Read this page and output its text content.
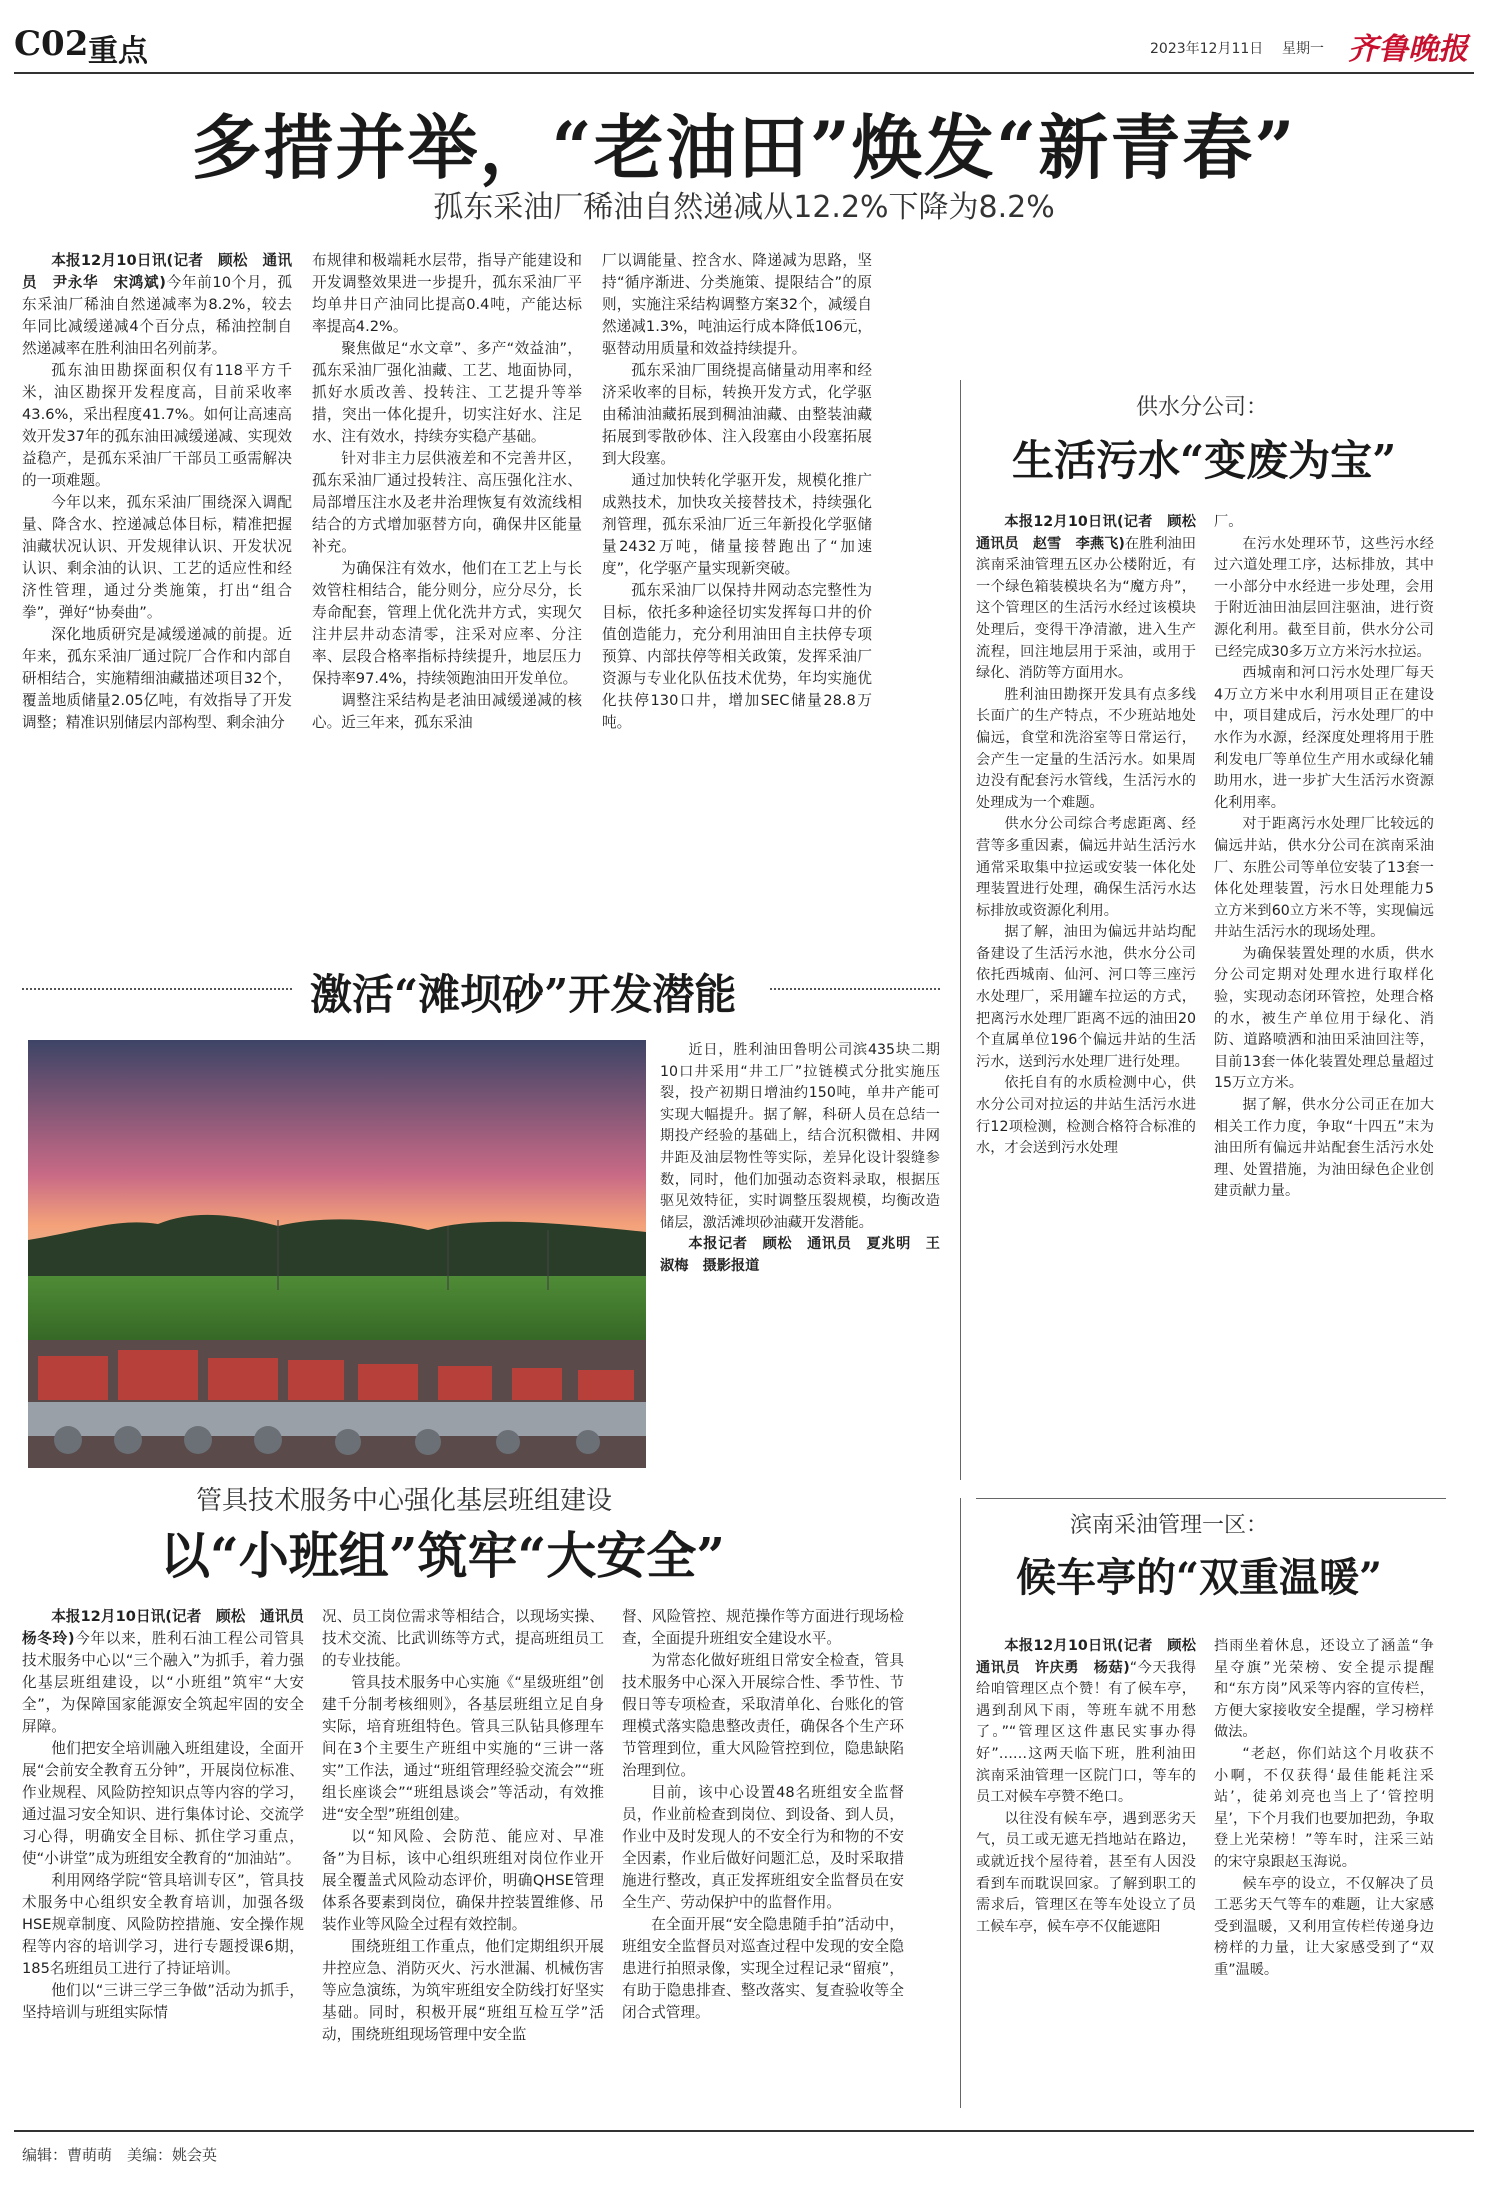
C02 重点	2023年12月11日 星期一 齐鲁晚报
多措并举，“老油田”焕发“新青春”
孤东采油厂稀油自然递减从12.2%下降为8.2%

本报12月10日讯(记者　顾松　通讯员　尹永华　宋鸿斌)今年前10个月，孤东采油厂稀油自然递减率为8.2%，较去年同比减缓递减4个百分点，稀油控制自然递减率在胜利油田名列前茅。

孤东油田勘探面积仅有118平方千米，油区勘探开发程度高，目前采收率43.6%，采出程度41.7%。如何让高速高效开发37年的孤东油田减缓递减、实现效益稳产，是孤东采油厂干部员工亟需解决的一项难题。

今年以来，孤东采油厂围绕深入调配量、降含水、控递减总体目标，精准把握油藏状况认识、开发规律认识、开发状况认识、剩余油的认识、工艺的适应性和经济性管理，通过分类施策，打出“组合拳”，弹好“协奏曲”。

深化地质研究是减缓递减的前提。近年来，孤东采油厂通过院厂合作和内部自研相结合，实施精细油藏描述项目32个，覆盖地质储量2.05亿吨，有效指导了开发调整；精准识别储层内部构型、剩余油分

布规律和极端耗水层带，指导产能建设和开发调整效果进一步提升，孤东采油厂平均单井日产油同比提高0.4吨，产能达标率提高4.2%。

聚焦做足“水文章”、多产“效益油”，孤东采油厂强化油藏、工艺、地面协同，抓好水质改善、投转注、工艺提升等举措，突出一体化提升，切实注好水、注足水、注有效水，持续夯实稳产基础。

针对非主力层供液差和不完善井区，孤东采油厂通过投转注、高压强化注水、局部增压注水及老井治理恢复有效流线相结合的方式增加驱替方向，确保井区能量补充。

为确保注有效水，他们在工艺上与长效管柱相结合，能分则分，应分尽分，长寿命配套，管理上优化洗井方式，实现欠注井层井动态清零，注采对应率、分注率、层段合格率指标持续提升，地层压力保持率97.4%，持续领跑油田开发单位。

调整注采结构是老油田减缓递减的核心。近三年来，孤东采油

厂以调能量、控含水、降递减为思路，坚持“循序渐进、分类施策、提限结合”的原则，实施注采结构调整方案32个，减缓自然递减1.3%，吨油运行成本降低106元，驱替动用质量和效益持续提升。

孤东采油厂围绕提高储量动用率和经济采收率的目标，转换开发方式，化学驱由稀油油藏拓展到稠油油藏、由整装油藏拓展到零散砂体、注入段塞由小段塞拓展到大段塞。

通过加快转化学驱开发，规模化推广成熟技术，加快攻关接替技术，持续强化剂管理，孤东采油厂近三年新投化学驱储量2432万吨，储量接替跑出了“加速度”，化学驱产量实现新突破。

孤东采油厂以保持井网动态完整性为目标，依托多种途径切实发挥每口井的价值创造能力，充分利用油田自主扶停专项预算、内部扶停等相关政策，发挥采油厂资源与专业化队伍技术优势，年均实施优化扶停130口井，增加SEC储量28.8万吨。

供水分公司：
生活污水“变废为宝”

本报12月10日讯(记者　顾松　通讯员　赵雪　李燕飞)在胜利油田滨南采油管理五区办公楼附近，有一个绿色箱装模块名为“魔方舟”，这个管理区的生活污水经过该模块处理后，变得干净清澈，进入生产流程，回注地层用于采油，或用于绿化、消防等方面用水。

胜利油田勘探开发具有点多线长面广的生产特点，不少班站地处偏远，食堂和洗浴室等日常运行，会产生一定量的生活污水。如果周边没有配套污水管线，生活污水的处理成为一个难题。

供水分公司综合考虑距离、经营等多重因素，偏远井站生活污水通常采取集中拉运或安装一体化处理装置进行处理，确保生活污水达标排放或资源化利用。

据了解，油田为偏远井站均配备建设了生活污水池，供水分公司依托西城南、仙河、河口等三座污水处理厂，采用罐车拉运的方式，把离污水处理厂距离不远的油田20个直属单位196个偏远井站的生活污水，送到污水处理厂进行处理。

依托自有的水质检测中心，供水分公司对拉运的井站生活污水进行12项检测，检测合格符合标准的水，才会送到污水处理

厂。

在污水处理环节，这些污水经过六道处理工序，达标排放，其中一小部分中水经进一步处理，会用于附近油田油层回注驱油，进行资源化利用。截至目前，供水分公司已经完成30多万立方米污水拉运。

西城南和河口污水处理厂每天4万立方米中水利用项目正在建设中，项目建成后，污水处理厂的中水作为水源，经深度处理将用于胜利发电厂等单位生产用水或绿化辅助用水，进一步扩大生活污水资源化利用率。

对于距离污水处理厂比较远的偏远井站，供水分公司在滨南采油厂、东胜公司等单位安装了13套一体化处理装置，污水日处理能力5立方米到60立方米不等，实现偏远井站生活污水的现场处理。

为确保装置处理的水质，供水分公司定期对处理水进行取样化验，实现动态闭环管控，处理合格的水，被生产单位用于绿化、消防、道路喷洒和油田采油回注等，目前13套一体化装置处理总量超过15万立方米。

据了解，供水分公司正在加大相关工作力度，争取“十四五”末为油田所有偏远井站配套生活污水处理、处置措施，为油田绿色企业创建贡献力量。

激活“滩坝砂”开发潜能

近日，胜利油田鲁明公司滨435块二期10口井采用“井工厂”拉链模式分批实施压裂，投产初期日增油约150吨，单井产能可实现大幅提升。据了解，科研人员在总结一期投产经验的基础上，结合沉积微相、井网井距及油层物性等实际，差异化设计裂缝参数，同时，他们加强动态资料录取，根据压驱见效特征，实时调整压裂规模，均衡改造储层，激活滩坝砂油藏开发潜能。

本报记者　顾松　通讯员　夏兆明　王淑梅　摄影报道

管具技术服务中心强化基层班组建设
以“小班组”筑牢“大安全”

本报12月10日讯(记者　顾松　通讯员　杨冬玲)今年以来，胜利石油工程公司管具技术服务中心以“三个融入”为抓手，着力强化基层班组建设，以“小班组”筑牢“大安全”，为保障国家能源安全筑起牢固的安全屏障。

他们把安全培训融入班组建设，全面开展“会前安全教育五分钟”，开展岗位标准、作业规程、风险防控知识点等内容的学习，通过温习安全知识、进行集体讨论、交流学习心得，明确安全目标、抓住学习重点，使“小讲堂”成为班组安全教育的“加油站”。

利用网络学院“管具培训专区”，管具技术服务中心组织安全教育培训，加强各级HSE规章制度、风险防控措施、安全操作规程等内容的培训学习，进行专题授课6期，185名班组员工进行了持证培训。

他们以“三讲三学三争做”活动为抓手，坚持培训与班组实际情

况、员工岗位需求等相结合，以现场实操、技术交流、比武训练等方式，提高班组员工的专业技能。

管具技术服务中心实施《“星级班组”创建千分制考核细则》，各基层班组立足自身实际，培育班组特色。管具三队钻具修理车间在3个主要生产班组中实施的“三讲一落实”工作法，通过“班组管理经验交流会”“班组长座谈会”“班组恳谈会”等活动，有效推进“安全型”班组创建。

以“知风险、会防范、能应对、早准备”为目标，该中心组织班组对岗位作业开展全覆盖式风险动态评价，明确QHSE管理体系各要素到岗位，确保井控装置维修、吊装作业等风险全过程有效控制。

围绕班组工作重点，他们定期组织开展井控应急、消防灭火、污水泄漏、机械伤害等应急演练，为筑牢班组安全防线打好坚实基础。同时，积极开展“班组互检互学”活动，围绕班组现场管理中安全监

督、风险管控、规范操作等方面进行现场检查，全面提升班组安全建设水平。

为常态化做好班组日常安全检查，管具技术服务中心深入开展综合性、季节性、节假日等专项检查，采取清单化、台账化的管理模式落实隐患整改责任，确保各个生产环节管理到位，重大风险管控到位，隐患缺陷治理到位。

目前，该中心设置48名班组安全监督员，作业前检查到岗位、到设备、到人员，作业中及时发现人的不安全行为和物的不安全因素，作业后做好问题汇总，及时采取措施进行整改，真正发挥班组安全监督员在安全生产、劳动保护中的监督作用。

在全面开展“安全隐患随手拍”活动中，班组安全监督员对巡查过程中发现的安全隐患进行拍照录像，实现全过程记录“留痕”，有助于隐患排查、整改落实、复查验收等全闭合式管理。

滨南采油管理一区：
候车亭的“双重温暖”

本报12月10日讯(记者　顾松　通讯员　许庆勇　杨菇)“今天我得给咱管理区点个赞！有了候车亭，遇到刮风下雨，等班车就不用愁了。”“管理区这件惠民实事办得好”……这两天临下班，胜利油田滨南采油管理一区院门口，等车的员工对候车亭赞不绝口。

以往没有候车亭，遇到恶劣天气，员工或无遮无挡地站在路边，或就近找个屋待着，甚至有人因没看到车而耽误回家。了解到职工的需求后，管理区在等车处设立了员工候车亭，候车亭不仅能遮阳

挡雨坐着休息，还设立了涵盖“争星夺旗”光荣榜、安全提示提醒和“东方岗”风采等内容的宣传栏，方便大家接收安全提醒，学习榜样做法。

“老赵，你们站这个月收获不小啊，不仅获得‘最佳能耗注采站’，徒弟刘亮也当上了‘管控明星’，下个月我们也要加把劲，争取登上光荣榜！”等车时，注采三站的宋守泉跟赵玉海说。

候车亭的设立，不仅解决了员工恶劣天气等车的难题，让大家感受到温暖，又利用宣传栏传递身边榜样的力量，让大家感受到了“双重”温暖。

编辑：曹萌萌　美编：姚会英
